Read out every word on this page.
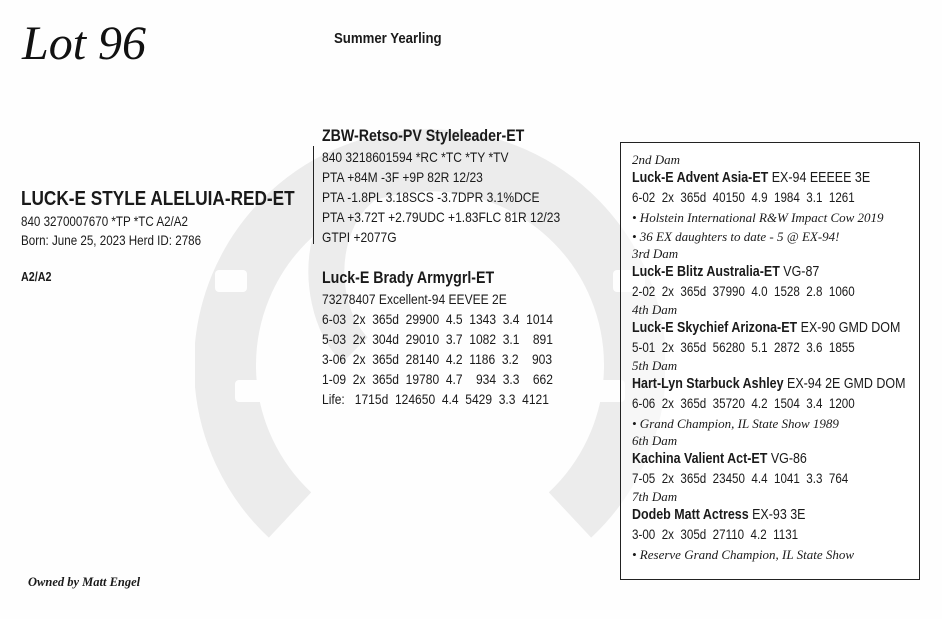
Lot 96	Summer Yearling
LUCK-E STYLE ALELUIA-RED-ET
840 3270007670 *TP *TC A2/A2
Born: June 25, 2023 Herd ID: 2786
A2/A2
ZBW-Retso-PV Styleleader-ET
840 3218601594 *RC *TC *TY *TV
PTA +84M -3F +9P 82R 12/23
PTA -1.8PL 3.18SCS -3.7DPR 3.1%DCE
PTA +3.72T +2.79UDC +1.83FLC 81R 12/23
GTPI +2077G
Luck-E Brady Armygrl-ET
73278407 Excellent-94 EEVEE 2E
6-03  2x  365d  29900  4.5  1343  3.4  1014
5-03  2x  304d  29010  3.7  1082  3.1    891
3-06  2x  365d  28140  4.2  1186  3.2    903
1-09  2x  365d  19780  4.7    934  3.3    662
Life:   1715d  124650  4.4  5429  3.3  4121
2nd Dam
Luck-E Advent Asia-ET EX-94 EEEEE 3E
6-02  2x  365d  40150  4.9  1984  3.1  1261
• Holstein International R&W Impact Cow 2019
• 36 EX daughters to date - 5 @ EX-94!
3rd Dam
Luck-E Blitz Australia-ET VG-87
2-02  2x  365d  37990  4.0  1528  2.8  1060
4th Dam
Luck-E Skychief Arizona-ET EX-90 GMD DOM
5-01  2x  365d  56280  5.1  2872  3.6  1855
5th Dam
Hart-Lyn Starbuck Ashley EX-94 2E GMD DOM
6-06  2x  365d  35720  4.2  1504  3.4  1200
• Grand Champion, IL State Show 1989
6th Dam
Kachina Valient Act-ET VG-86
7-05  2x  365d  23450  4.4  1041  3.3  764
7th Dam
Dodeb Matt Actress EX-93 3E
3-00  2x  305d  27110  4.2  1131
• Reserve Grand Champion, IL State Show
Owned by Matt Engel
